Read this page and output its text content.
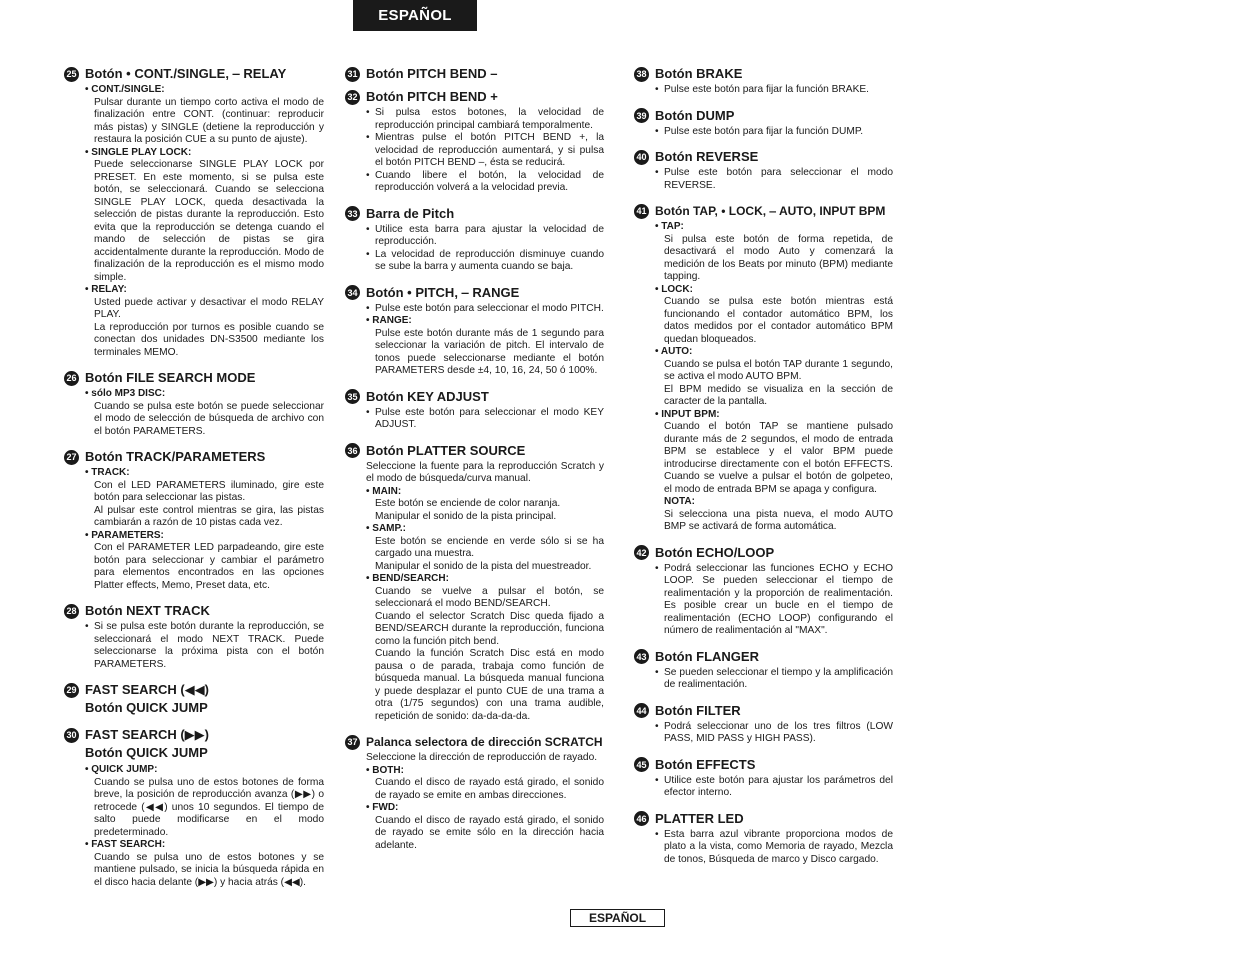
ESPAÑOL
25 Botón • CONT./SINGLE, ‒ RELAY
• CONT./SINGLE:
Pulsar durante un tiempo corto activa el modo de finalización entre CONT. (continuar: reproducir más pistas) y SINGLE (detiene la reproducción y restaura la posición CUE a su punto de ajuste).
• SINGLE PLAY LOCK:
Puede seleccionarse SINGLE PLAY LOCK por PRESET. En este momento, si se pulsa este botón, se seleccionará. Cuando se selecciona SINGLE PLAY LOCK, queda desactivada la selección de pistas durante la reproducción. Esto evita que la reproducción se detenga cuando el mando de selección de pistas se gira accidentalmente durante la reproducción. Modo de finalización de la reproducción es el mismo modo simple.
• RELAY:
Usted puede activar y desactivar el modo RELAY PLAY.
La reproducción por turnos es posible cuando se conectan dos unidades DN-S3500 mediante los terminales MEMO.
26 Botón FILE SEARCH MODE
• sólo MP3 DISC:
Cuando se pulsa este botón se puede seleccionar el modo de selección de búsqueda de archivo con el botón PARAMETERS.
27 Botón TRACK/PARAMETERS
• TRACK:
Con el LED PARAMETERS iluminado, gire este botón para seleccionar las pistas.
Al pulsar este control mientras se gira, las pistas cambiarán a razón de 10 pistas cada vez.
• PARAMETERS:
Con el PARAMETER LED parpadeando, gire este botón para seleccionar y cambiar el parámetro para elementos encontrados en las opciones Platter effects, Memo, Preset data, etc.
28 Botón NEXT TRACK
• Si se pulsa este botón durante la reproducción, se seleccionará el modo NEXT TRACK. Puede seleccionarse la próxima pista con el botón PARAMETERS.
29 FAST SEARCH (◀◀)
Botón QUICK JUMP
30 FAST SEARCH (▶▶)
Botón QUICK JUMP
• QUICK JUMP:
Cuando se pulsa uno de estos botones de forma breve, la posición de reproducción avanza (▶▶) o retrocede (◀◀) unos 10 segundos. El tiempo de salto puede modificarse en el modo predeterminado.
• FAST SEARCH:
Cuando se pulsa uno de estos botones y se mantiene pulsado, se inicia la búsqueda rápida en el disco hacia delante (▶▶) y hacia atrás (◀◀).
31 Botón PITCH BEND –
32 Botón PITCH BEND +
• Si pulsa estos botones, la velocidad de reproducción principal cambiará temporalmente.
• Mientras pulse el botón PITCH BEND +, la velocidad de reproducción aumentará, y si pulsa el botón PITCH BEND –, ésta se reducirá.
• Cuando libere el botón, la velocidad de reproducción volverá a la velocidad previa.
33 Barra de Pitch
• Utilice esta barra para ajustar la velocidad de reproducción.
• La velocidad de reproducción disminuye cuando se sube la barra y aumenta cuando se baja.
34 Botón • PITCH, ‒ RANGE
• Pulse este botón para seleccionar el modo PITCH.
• RANGE:
Pulse este botón durante más de 1 segundo para seleccionar la variación de pitch. El intervalo de tonos puede seleccionarse mediante el botón PARAMETERS desde ±4, 10, 16, 24, 50 ó 100%.
35 Botón KEY ADJUST
• Pulse este botón para seleccionar el modo KEY ADJUST.
36 Botón PLATTER SOURCE
Seleccione la fuente para la reproducción Scratch y el modo de búsqueda/curva manual.
• MAIN:
Este botón se enciende de color naranja.
Manipular el sonido de la pista principal.
• SAMP.:
Este botón se enciende en verde sólo si se ha cargado una muestra.
Manipular el sonido de la pista del muestreador.
• BEND/SEARCH:
Cuando se vuelve a pulsar el botón, se seleccionará el modo BEND/SEARCH.
Cuando el selector Scratch Disc queda fijado a BEND/SEARCH durante la reproducción, funciona como la función pitch bend.
Cuando la función Scratch Disc está en modo pausa o de parada, trabaja como función de búsqueda manual. La búsqueda manual funciona y puede desplazar el punto CUE de una trama a otra (1/75 segundos) con una trama audible, repetición de sonido: da-da-da-da.
37 Palanca selectora de dirección SCRATCH
Seleccione la dirección de reproducción de rayado.
• BOTH:
Cuando el disco de rayado está girado, el sonido de rayado se emite en ambas direcciones.
• FWD:
Cuando el disco de rayado está girado, el sonido de rayado se emite sólo en la dirección hacia adelante.
38 Botón BRAKE
• Pulse este botón para fijar la función BRAKE.
39 Botón DUMP
• Pulse este botón para fijar la función DUMP.
40 Botón REVERSE
• Pulse este botón para seleccionar el modo REVERSE.
41 Botón TAP, • LOCK, ‒ AUTO, INPUT BPM
• TAP:
Si pulsa este botón de forma repetida, de desactivará el modo Auto y comenzará la medición de los Beats por minuto (BPM) mediante tapping.
• LOCK:
Cuando se pulsa este botón mientras está funcionando el contador automático BPM, los datos medidos por el contador automático BPM quedan bloqueados.
• AUTO:
Cuando se pulsa el botón TAP durante 1 segundo, se activa el modo AUTO BPM.
El BPM medido se visualiza en la sección de caracter de la pantalla.
• INPUT BPM:
Cuando el botón TAP se mantiene pulsado durante más de 2 segundos, el modo de entrada BPM se establece y el valor BPM puede introducirse directamente con el botón EFFECTS. Cuando se vuelve a pulsar el botón de golpeteo, el modo de entrada BPM se apaga y configura.
NOTA:
Si selecciona una pista nueva, el modo AUTO BMP se activará de forma automática.
42 Botón ECHO/LOOP
• Podrá seleccionar las funciones ECHO y ECHO LOOP. Se pueden seleccionar el tiempo de realimentación y la proporción de realimentación. Es posible crear un bucle en el tiempo de realimentación (ECHO LOOP) configurando el número de realimentación al "MAX".
43 Botón FLANGER
• Se pueden seleccionar el tiempo y la amplificación de realimentación.
44 Botón FILTER
• Podrá seleccionar uno de los tres filtros (LOW PASS, MID PASS y HIGH PASS).
45 Botón EFFECTS
• Utilice este botón para ajustar los parámetros del efector interno.
46 PLATTER LED
• Esta barra azul vibrante proporciona modos de plato a la vista, como Memoria de rayado, Mezcla de tonos, Búsqueda de marco y Disco cargado.
ESPAÑOL
